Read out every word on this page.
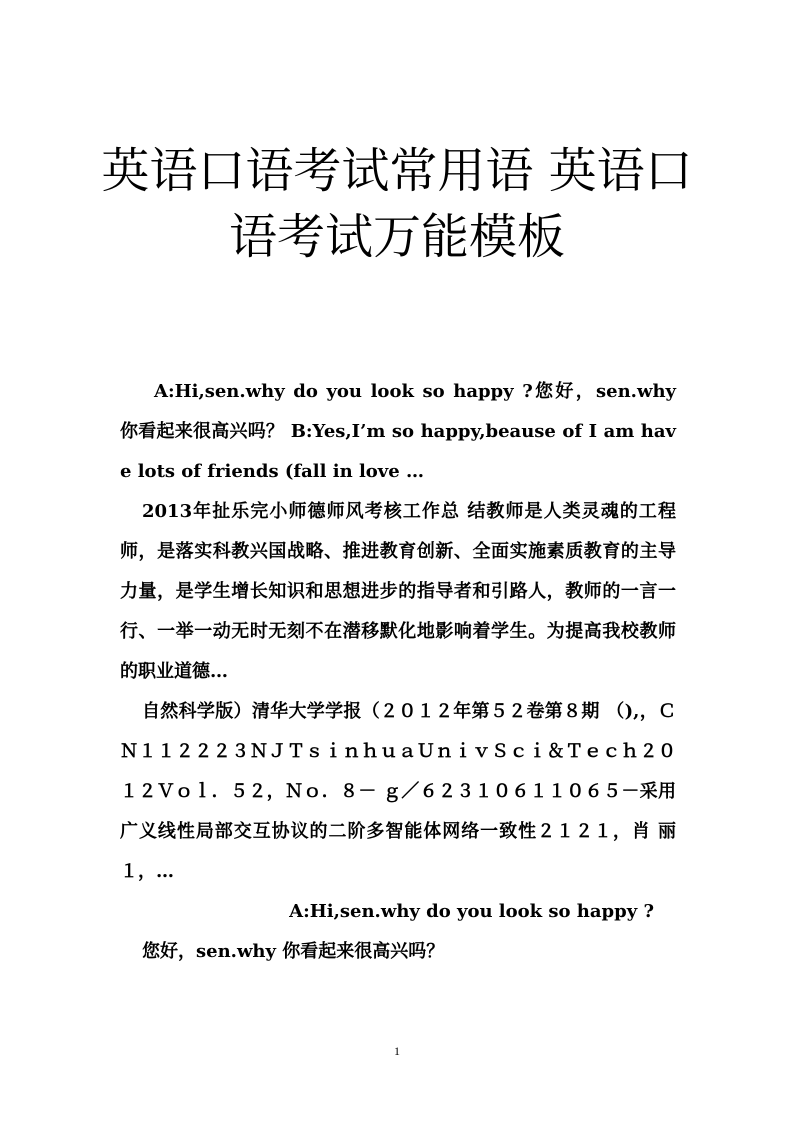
英语口语考试常用语 英语口语考试万能模板

A:Hi,sen.why do you look so happy ?您好，sen.why 你看起来很高兴吗？ B:Yes,I’m so happy,beause of I am have lots of friends (fall in love …

2013年扯乐完小师德师风考核工作总 结教师是人类灵魂的工程师，是落实科教兴国战略、推进教育创新、全面实施素质教育的主导力量，是学生增长知识和思想进步的指导者和引路人，教师的一言一行、一举一动无时无刻不在潜移默化地影响着学生。为提高我校教师的职业道德…

自然科学版）清华大学学报（２０１２年第５２卷第８期 （),，ＣＮ１１２２２３ＮＪＴｓｉｎｈｕａＵｎｉｖＳｃｉ＆Ｔｅｃｈ２０１２Ｖｏｌ．５２，Ｎｏ．８－ ｇ／６２３１０６１１０６５－采用广义线性局部交互协议的二阶多智能体网络一致性２１２１，肖 丽１，…

A:Hi,sen.why do you look so happy ?

您好，sen.why 你看起来很高兴吗？

1
